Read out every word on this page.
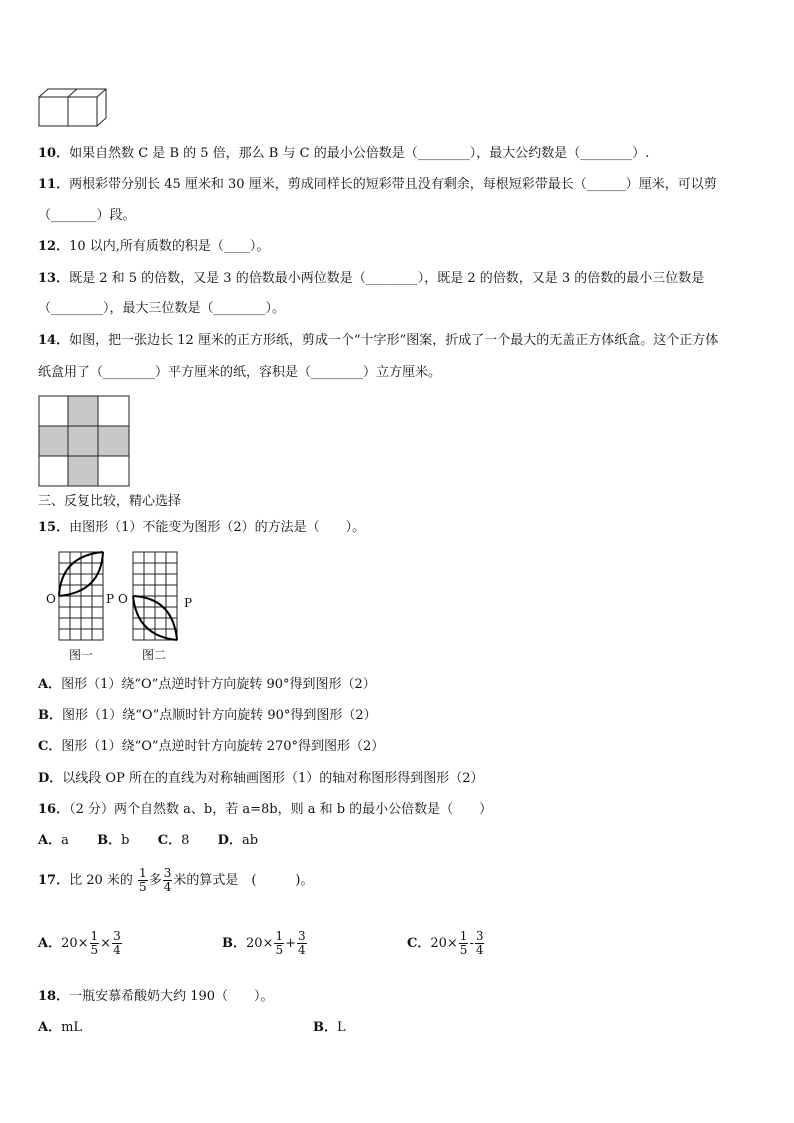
10．如果自然数 C 是 B 的 5 倍，那么 B 与 C 的最小公倍数是（________），最大公约数是（________）.
11．两根彩带分别长 45 厘米和 30 厘米，剪成同样长的短彩带且没有剩余，每根短彩带最长（______）厘米，可以剪
（_______）段。
12．10 以内,所有质数的积是（____）。
13．既是 2 和 5 的倍数，又是 3 的倍数最小两位数是（________），既是 2 的倍数，又是 3 的倍数的最小三位数是
（________），最大三位数是（________）。
14．如图，把一张边长 12 厘米的正方形纸，剪成一个“十字形”图案，折成了一个最大的无盖正方体纸盒。这个正方体
纸盒用了（________）平方厘米的纸，容积是（________）立方厘米。
三、反复比较，精心选择
15．由图形（1）不能变为图形（2）的方法是（　　）。
O	P
图一
O	P
图二
A．图形（1）绕“O”点逆时针方向旋转 90°得到图形（2）
B．图形（1）绕“O”点顺时针方向旋转 90°得到图形（2）
C．图形（1）绕“O”点逆时针方向旋转 270°得到图形（2）
D．以线段 OP 所在的直线为对称轴画图形（1）的轴对称图形得到图形（2）
16．（2 分）两个自然数 a、b，若 a=8b，则 a 和 b 的最小公倍数是（　　）
A．a B．b C．8 D．ab
17．比 20 米的 $\frac{1}{5}$ 多 $\frac{3}{4}$ 米的算式是　(　　　)。
A．$20\times \frac{1}{5} \times \frac{3}{4}$	B．$20\times \frac{1}{5} + \frac{3}{4}$	C．$20\times \frac{1}{5} - \frac{3}{4}$
18．一瓶安慕希酸奶大约 190（　　）。
A．mL	B．L
